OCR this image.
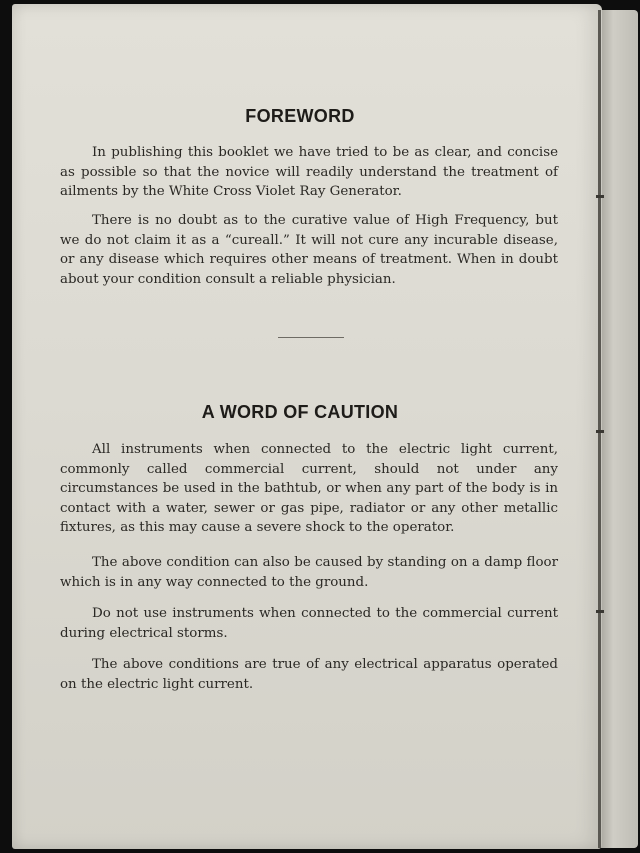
FOREWORD

In publishing this booklet we have tried to be as clear, and concise as possible so that the novice will readily understand the treatment of ailments by the White Cross Violet Ray Generator.

There is no doubt as to the curative value of High Frequency, but we do not claim it as a “cureall.” It will not cure any incurable disease, or any disease which requires other means of treatment. When in doubt about your condition consult a reliable physician.

A WORD OF CAUTION

All instruments when connected to the electric light current, commonly called commercial current, should not under any circumstances be used in the bathtub, or when any part of the body is in contact with a water, sewer or gas pipe, radiator or any other metallic fixtures, as this may cause a severe shock to the operator.

The above condition can also be caused by standing on a damp floor which is in any way connected to the ground.

Do not use instruments when connected to the commercial current during electrical storms.

The above conditions are true of any electrical apparatus operated on the electric light current.
